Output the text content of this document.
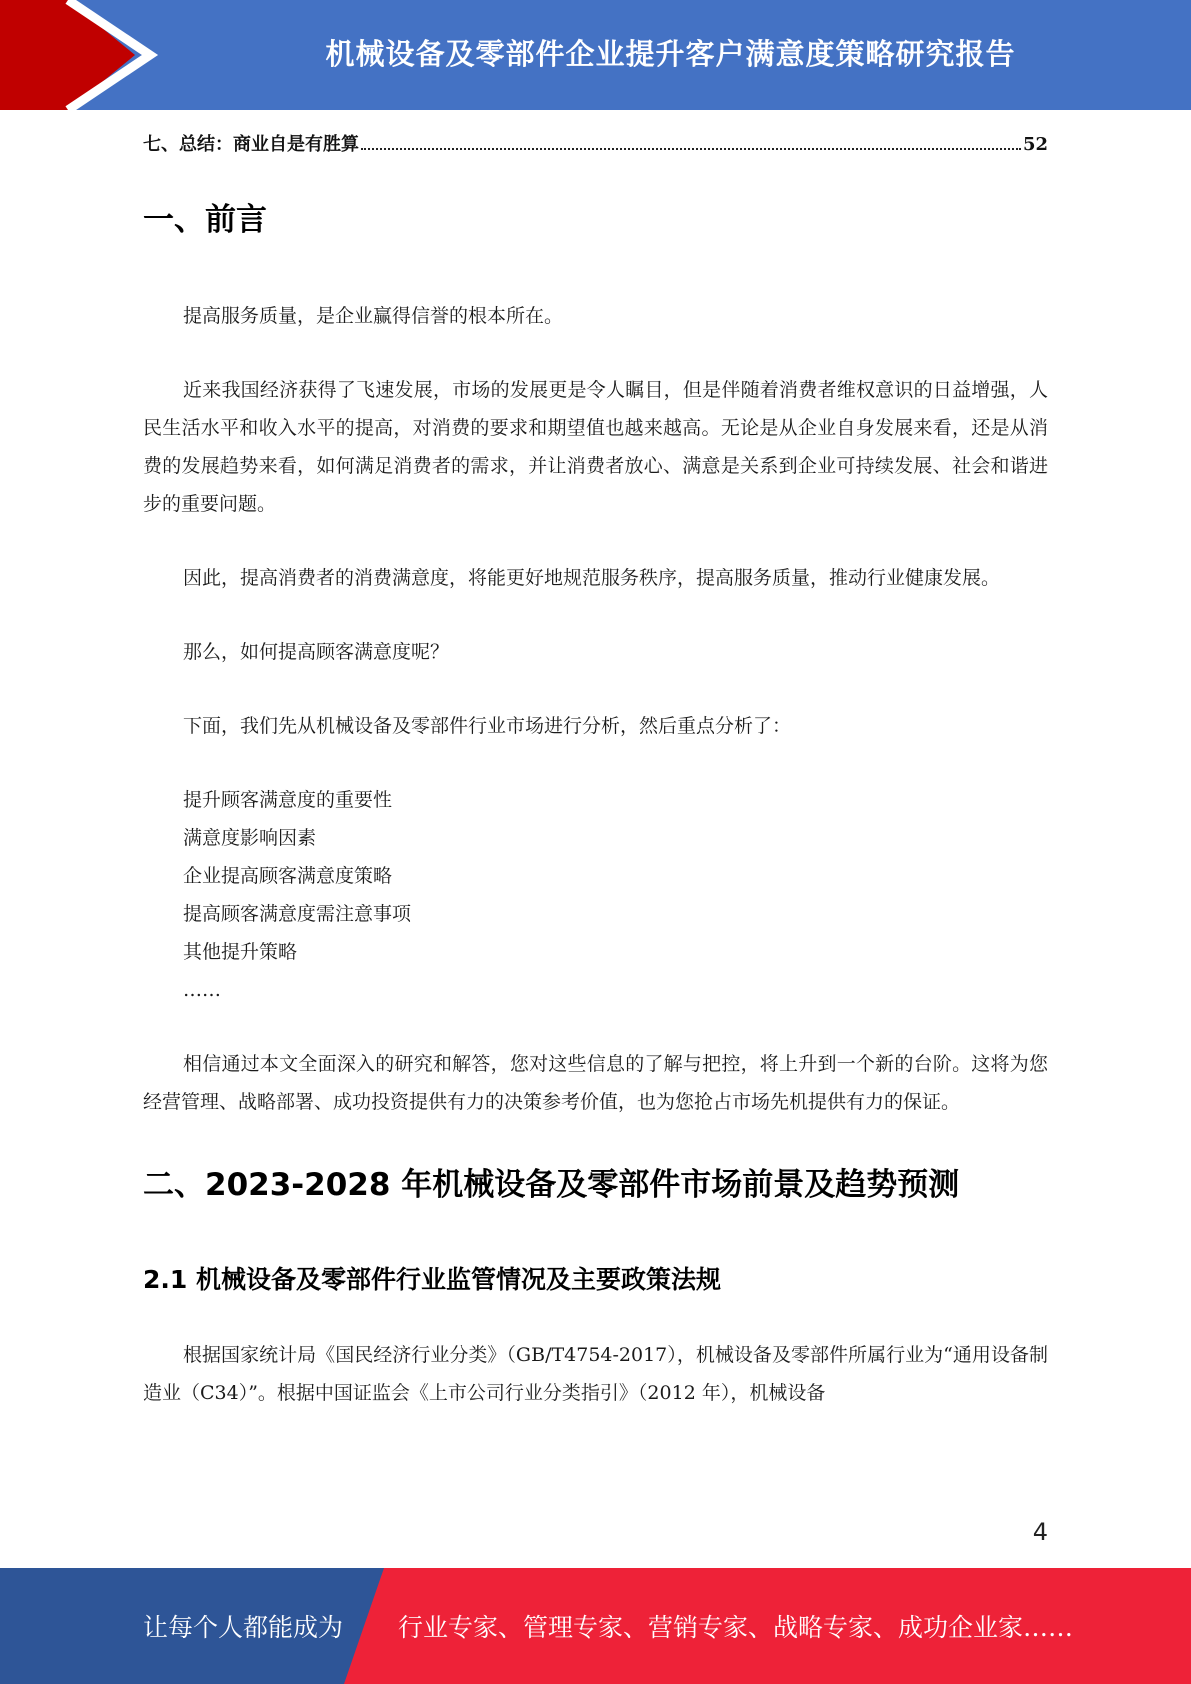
机械设备及零部件企业提升客户满意度策略研究报告
七、总结：商业自是有胜算	52
一、前言

提高服务质量，是企业赢得信誉的根本所在。

近来我国经济获得了飞速发展，市场的发展更是令人瞩目，但是伴随着消费者维权意识的日益增强，人民生活水平和收入水平的提高，对消费的要求和期望值也越来越高。无论是从企业自身发展来看，还是从消费的发展趋势来看，如何满足消费者的需求，并让消费者放心、满意是关系到企业可持续发展、社会和谐进步的重要问题。

因此，提高消费者的消费满意度，将能更好地规范服务秩序，提高服务质量，推动行业健康发展。

那么，如何提高顾客满意度呢？

下面，我们先从机械设备及零部件行业市场进行分析，然后重点分析了：

提升顾客满意度的重要性
满意度影响因素
企业提高顾客满意度策略
提高顾客满意度需注意事项
其他提升策略
……

相信通过本文全面深入的研究和解答，您对这些信息的了解与把控，将上升到一个新的台阶。这将为您经营管理、战略部署、成功投资提供有力的决策参考价值，也为您抢占市场先机提供有力的保证。

二、2023-2028 年机械设备及零部件市场前景及趋势预测
2.1 机械设备及零部件行业监管情况及主要政策法规

根据国家统计局《国民经济行业分类》（GB/T4754-2017），机械设备及零部件所属行业为“通用设备制造业（C34）”。根据中国证监会《上市公司行业分类指引》（2012 年），机械设备

4
让每个人都能成为 行业专家、管理专家、营销专家、战略专家、成功企业家……
